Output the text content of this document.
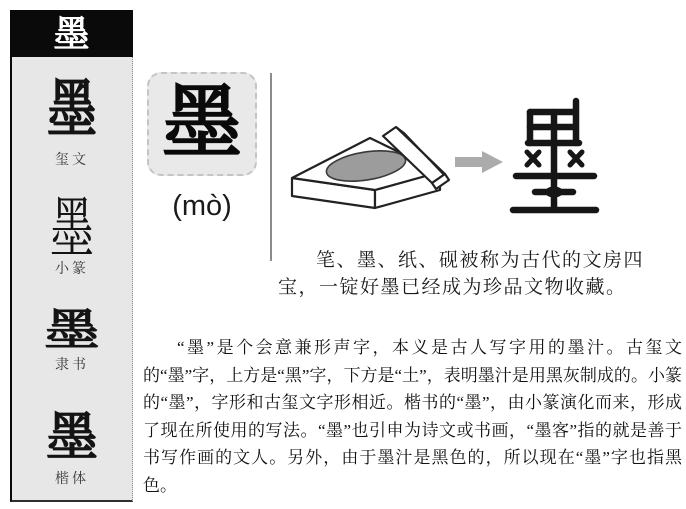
墨
墨
玺文
墨
小篆
墨
隶书
墨
楷体
墨
(mò)

笔、墨、纸、砚被称为古代的文房四宝，一锭好墨已经成为珍品文物收藏。

“墨”是个会意兼形声字，本义是古人写字用的墨汁。古玺文的“墨”字，上方是“黑”字，下方是“土”，表明墨汁是用黑灰制成的。小篆的“墨”，字形和古玺文字形相近。楷书的“墨”，由小篆演化而来，形成了现在所使用的写法。“墨”也引申为诗文或书画，“墨客”指的就是善于书写作画的文人。另外，由于墨汁是黑色的，所以现在“墨”字也指黑色。
